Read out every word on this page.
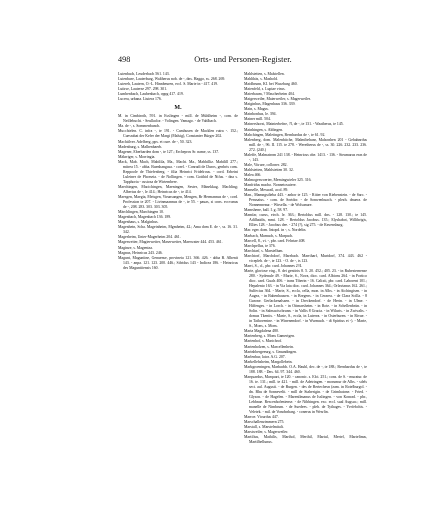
498	Orts- und Personen-Register.

Lutenbach, Leuderbach 561. 143.

Lutenbure, Lauterburg, Waltherus nob. de -, dns. Haggo, ss. 268. 269.

Lutereh, Lautern, O.-L. Hinnbeuren, eccl. S. Marie in - 417. 419.

Lutirse, Lauterse 297. 298. 301.

Lumbenbach, Laubenbach, oppg 417. 419.

Lucera, urbana. Liutera 176.

M.

M. in Cimbiroth, 591. in Esslingen - mill. de Mühlheim -, com. de Neillebucht. - Seullaclor. - Volingen. Vamago. - de Vahlbach.

Ma. de -, s. Sommenbunch.

Mucchtelen. C. infra -, te 191. - Camhusen de Macklen rutra -. 152.; Cuesrabat der Kefer der Margi (Malsig), Constanter Bürger 202.

Machtilver. Adelberg, pps. et cure. de -, 50. 323.

Madenburg, s. Malhenbaerh.

Magener, Eberbarden dom -, te 127.; Erchepros Sr. name, ss. 137.

Mäkrriger, s. Morringia.

Mack, Mab. Mach, Mabilila, Ma., Macht. Ma., Mabhilliz. Mabilill 277.; mitrea 15. - abba. Buenhangasa. - corel. - Conradi de Duros, genbris cons. Reppoole de Thiefenberg. - filia Heinrici Fridelrous. - cord. Erheini Luleiner de Phorseia. - de Nollingen. - com. Gotthid de Nifus. - dna s. Tapphoria - custosa de Wirtembere.

Maechingen, Macichingen, Maeningen, Sester, Mänekkug. Machling; Albertus de -, le 414.; Heinricus de -, te 414.

Maesgen, Maegia, Meisgen, Virunsangen, Mengen, Br Hermannus de -, cord. Profession te 207. - Livinmaannus de -, te 55. - pauas, si cons. eccvanus de -, 208. 283. 303. 303. 305.

Märchlingen, Marchingen 10.

Magenbach, Magenbach 136. 189.

Magenhaus, s. Malginhus.

Magenhein, Scha. Mageinheim, Mgmheim, 42.; Ama dom E. de -, ss. 16. 31. 342.

Magerheim, Unter-Magerheim 204. 461.

Magerweiter, Magierweiter, Maserweiter, Maerwater 444. 453. 461.

Maginze, s. Magentza.

Magnus, Heinricus 243. 246.

Magunt, Maguntine, Genuense, provineia 121. 366. 426. - abba B. Albenit 143. - anpa. 121. 123. 200. 446.; Sifridus 143 - Indicea 186. - Heinricus des Maguntiiensis 160.

Mahlstetten, s. Malstellen.

Mahlthäs, s. Mashold.

Maidbrunn, KI. bei Wurzburg 460.

Maienfeld, s. Lupiae virus.

Maierbaum, ? Mascherheim 404.

Maigerweiler, Maierweiler, s. Magerweiler.

Maiginhus, Magenhaus 336. 339.

Main, s. Magus.

Mainbonhus, le. 394.

Mainer mill. 504.

Mainershorst, Mainterhefne, ?I, de -, te 131. - Waatherus, te 145.

Mainhingen, s. Aldingen.

Mahchingen, Maleiingen, Bernhardus de -, te 61. 92.

Malenberg, dom. Malenbitche, Malmibehanr, Malsonhen 201 - Gehahnrdus mill. de -, 96. II. 115. te 278. - Weretherus de -, ss. 30. 226. 232. 233. 236. 272. (240.)

Maleffe, Malmatrom 241 138. - Heinricus obe. 1413. - 136. - Steumarus eras de -, 143.

Male, Vitrure, colloner. 282.

Mahlstetten, Mahlstetten 30. 32.

Malea 466.

Malmogerwoerter, Memingwieler 325. 316.

Manfridus macho. Nonnetosuiere.

Manselle, Messrail, acol. 89.

Man., Mamngsdieba 443. - anbor te 125. - Ritter von Riebenstein. - de Sarc. - Perusaius. - com. de Sortdor. - de Sonwenbuach. - plezh. dnuera. de Nonnenneaur. - Wirsella. - de Wolsanure.

Mamshene, ball. I. g. 58. 97.

Mamfar, curus, eirch. le. 363.; Bertoldus mill. dns. - 128. 130.; te 145. Adilhaidis, mmi. 128. - Bertoldus Jacobus. 135.; Elyshabot, Willibrigis, Ellies 128. - Jacobus dee. - 274 (?), sig 275. - de Ravensburg.

Mar. eger. dom. Intopd. in -, s. Nordelin.

Marbach, Marnach, s. Marpach.

Marcell, 8., vi. -, pbr. card. Fehrtae 408.

Marchpellus, te 376.

Marchtarf, s. Marstellum.

Marchtorf, Marchdorf, Marrbach. Marrtharf, Murtdorf, 374. 443. 462 - vicepleb. de -, te 123. - O. de -, ts 123.

Marrt, S., cl., pbr. card. Johannes 2?4.

Marie, gloriose virg., 8. dei genitrix 8. 5. 20. 452.; 405. 23. - in Rubesternense 280. - Sydenule 49. - Marie, S., Nova, dioc. card. Albions 264. - in Portico dioc. card. Guals 406. - trans Tiberin - 16. Calixti, pbr. card. Laborent 101.; Hepalento 163. - in Via lata dioc. card. Johannes 364.; Orlavianus 162. 261.; Sulfecius 364. - Marie, S., eccla, cella, mon. in Albs. - in Aichingisen. - in Augea, - in Babenhausen. - in Bregens. - in Cerarea. - de Clara Scilla. - 8 Gurone. Gerlackenalsaen. - in Dreckendorf. - de Herin. - in Ulme. - Hiffenges. - in Lorch. - in Ottmarsheim. - in Rote. - in Schellenbrün. - in Solin. - in Salnsaciscbrunn. - in Vallis 8 Gracia. - in Wiluris. - in Zwivalts. - domus Tkentis. - Marie, S., eccla, in Luterea. - in Osterburen. - in Rivue. - in Tathovenine. - in Winenendorf. - in Wurmach. - dt Spiritus et -). - Marie, S., Mons, s. Mons.

Maria Magdalena 480.

Marienberg, s. Mons Gamerigen.

Marienhof, s. Marichrof.

Marienholzen, s. Marcellenhein.

Marinhbergeeurg, s. Gmundingen.

Marlenbur, lator. A.G. 207.

Markellehsheim, Margollebein.

Markgroeningen, Marbacbh. O.A. Haubl, dec. de -, te 188.; Bernhardus de -, te 188. 188. - Dns. 64. 97. 344. 460.

Marquardus, Marquart, te 120. - canonic. s. Elci. 251.; cons. de S. - muratur. de 16. te. 131.; mill. te 421. - mill. de Adetringen. - morumur de Albs. - sdels sect. aul. Augusti. - de Burgen. - des de Bertechesn (zam. in Rotelburgol. - dn. Bhu de Sonnevelit. - mill de Staherigin. - de Grimhatone. - Fried. - Glyson. - de Hagelen. - Marenilmanus de Isslingen. - von Konrad. - pbr., Lebbnae. Rescenhofeniense. - de Nibbingen. exc. eccl. sual Augsuc.; mill. manelle de Nimbrum. - de Suedees. - pleb. de Tythages. - Yvrfebchis. - Veletek. - mil. de Vonobnbarg. - conerus in Wesrlin.

Marroe. Vicurdus 447.

Marschallenzimmern 275.

Marstall, s. Marstelmitalt.

Marstweiler, s. Magerweiler.

Martilius, Mathilis, Marthol, Merthil, Martul, Mertel, Martelinus, Martilbellunus.
